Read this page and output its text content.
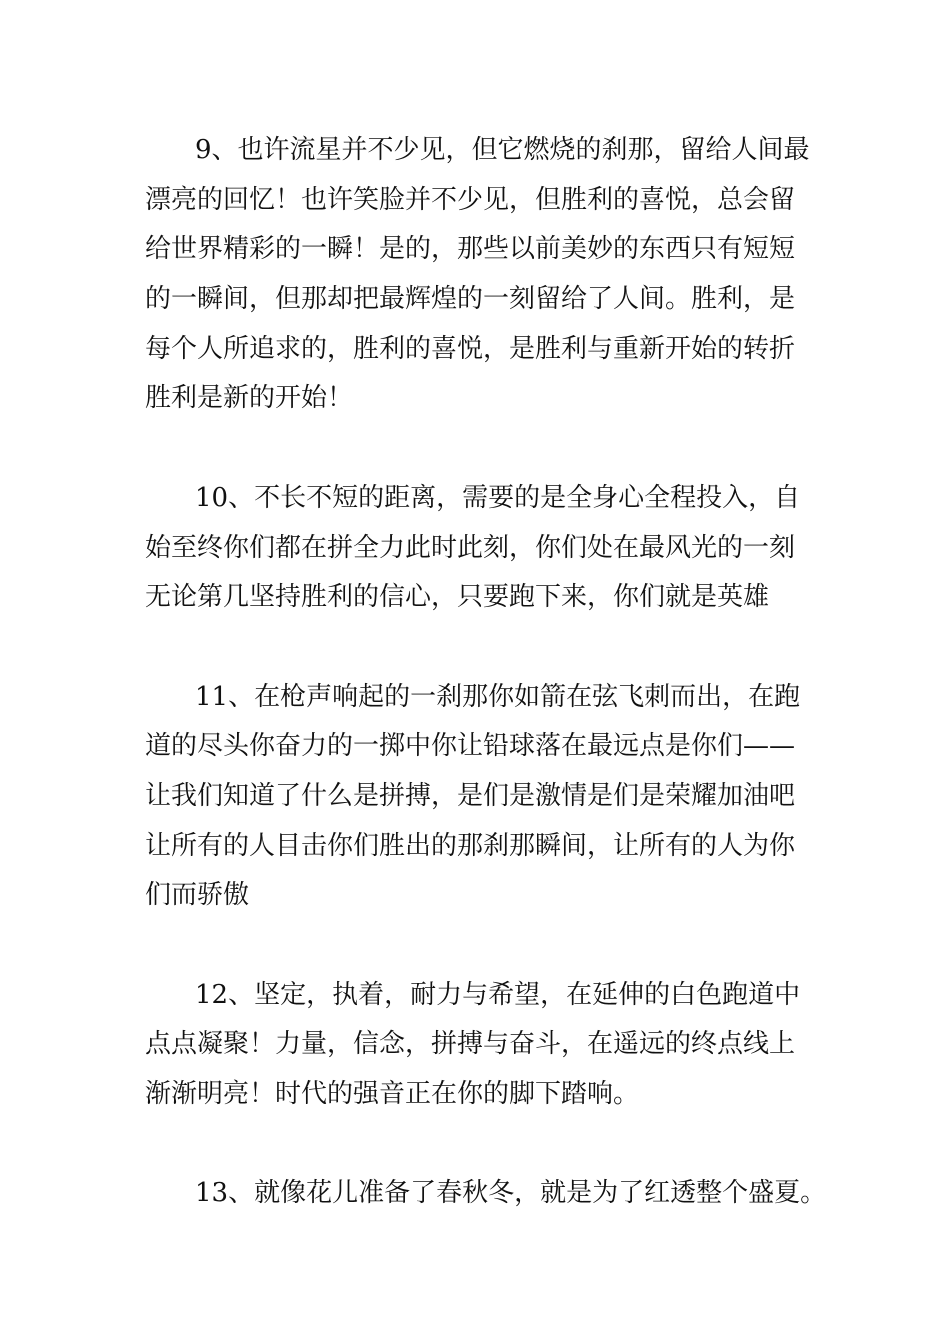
9、也许流星并不少见，但它燃烧的刹那，留给人间最
漂亮的回忆！也许笑脸并不少见，但胜利的喜悦，总会留
给世界精彩的一瞬！是的，那些以前美妙的东西只有短短
的一瞬间，但那却把最辉煌的一刻留给了人间。胜利，是
每个人所追求的，胜利的喜悦，是胜利与重新开始的转折
胜利是新的开始！
10、不长不短的距离，需要的是全身心全程投入，自
始至终你们都在拼全力此时此刻，你们处在最风光的一刻
无论第几坚持胜利的信心，只要跑下来，你们就是英雄
11、在枪声响起的一刹那你如箭在弦飞刺而出，在跑
道的尽头你奋力的一掷中你让铅球落在最远点是你们——
让我们知道了什么是拼搏，是们是激情是们是荣耀加油吧
让所有的人目击你们胜出的那刹那瞬间，让所有的人为你
们而骄傲
12、坚定，执着，耐力与希望，在延伸的白色跑道中
点点凝聚！力量，信念，拼搏与奋斗，在遥远的终点线上
渐渐明亮！时代的强音正在你的脚下踏响。
13、就像花儿准备了春秋冬，就是为了红透整个盛夏。
